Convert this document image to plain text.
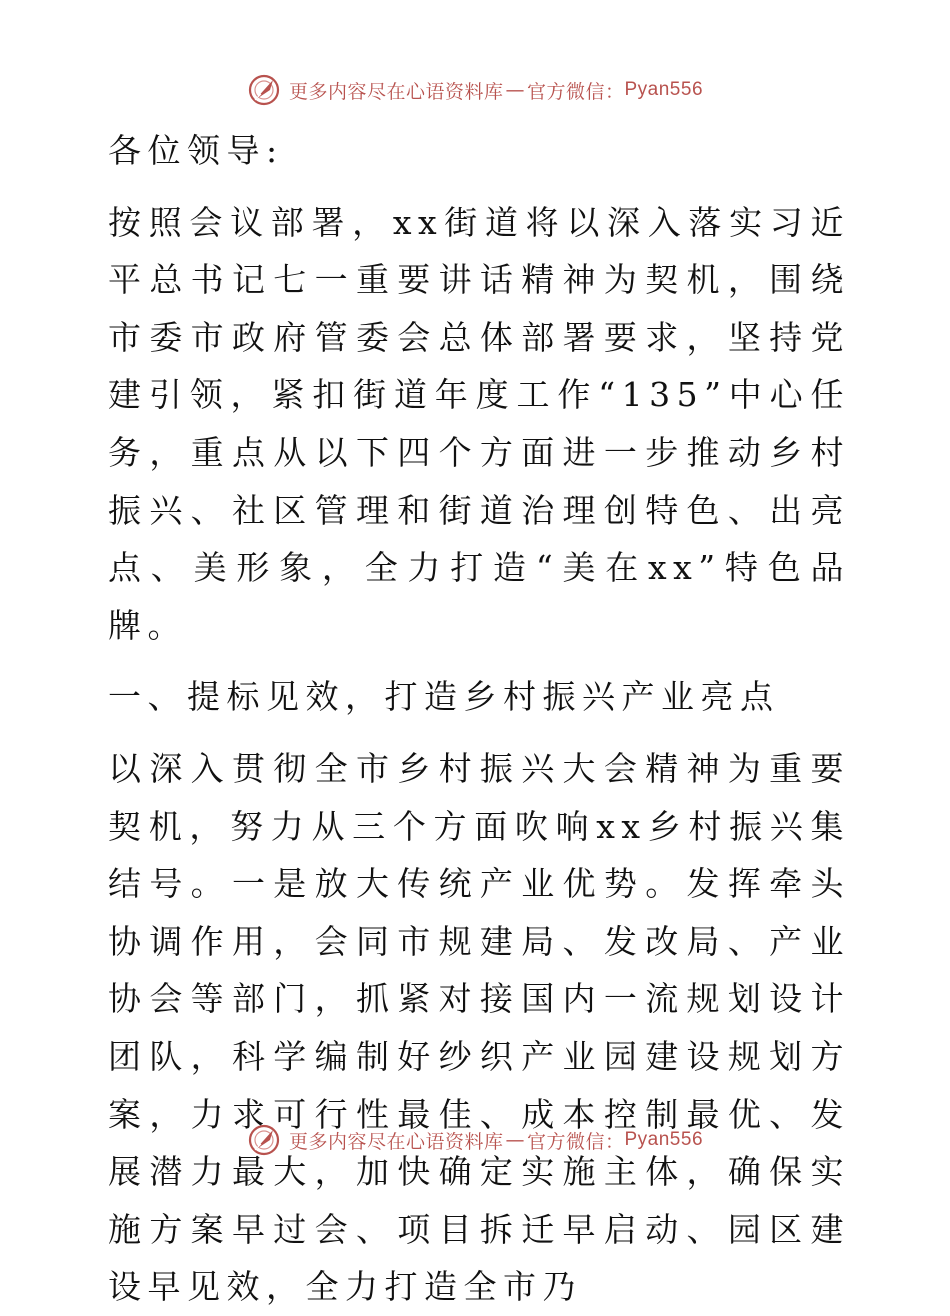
更多内容尽在心语资料库 — 官方微信： Pyan556

各位领导:

按照会议部署，xx街道将以深入落实习近平总书记七一重要讲话精神为契机，围绕市委市政府管委会总体部署要求，坚持党建引领，紧扣街道年度工作“135”中心任务，重点从以下四个方面进一步推动乡村振兴、社区管理和街道治理创特色、出亮点、美形象，全力打造“美在xx”特色品牌。

一、提标见效，打造乡村振兴产业亮点

以深入贯彻全市乡村振兴大会精神为重要契机，努力从三个方面吹响xx乡村振兴集结号。一是放大传统产业优势。发挥牵头协调作用，会同市规建局、发改局、产业协会等部门，抓紧对接国内一流规划设计团队，科学编制好纱织产业园建设规划方案，力求可行性最佳、成本控制最优、发展潜力最大，加快确定实施主体，确保实施方案早过会、项目拆迁早启动、园区建设早见效，全力打造全市乃

更多内容尽在心语资料库 — 官方微信： Pyan556
